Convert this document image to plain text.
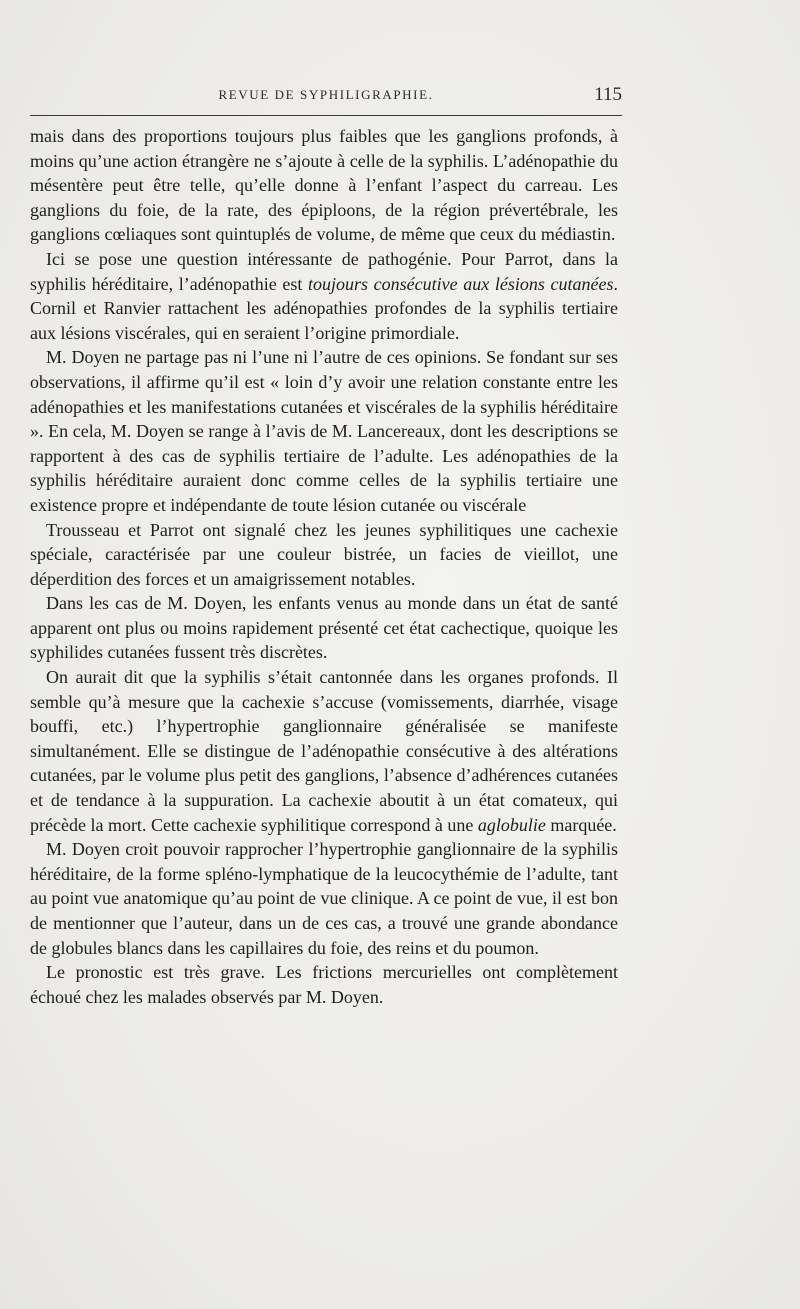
REVUE DE SYPHILIGRAPHIE.	115

mais dans des proportions toujours plus faibles que les ganglions profonds, à moins qu’une action étrangère ne s’ajoute à celle de la syphilis. L’adénopathie du mésentère peut être telle, qu’elle donne à l’enfant l’aspect du carreau. Les ganglions du foie, de la rate, des épiploons, de la région prévertébrale, les ganglions cœliaques sont quintuplés de volume, de même que ceux du médiastin.

Ici se pose une question intéressante de pathogénie. Pour Parrot, dans la syphilis héréditaire, l’adénopathie est toujours consécutive aux lésions cutanées. Cornil et Ranvier rattachent les adénopathies profondes de la syphilis tertiaire aux lésions viscérales, qui en seraient l’origine primordiale.

M. Doyen ne partage pas ni l’une ni l’autre de ces opinions. Se fondant sur ses observations, il affirme qu’il est « loin d’y avoir une relation constante entre les adénopathies et les manifestations cutanées et viscérales de la syphilis héréditaire ». En cela, M. Doyen se range à l’avis de M. Lancereaux, dont les descriptions se rapportent à des cas de syphilis tertiaire de l’adulte. Les adénopathies de la syphilis héréditaire auraient donc comme celles de la syphilis tertiaire une existence propre et indépendante de toute lésion cutanée ou viscérale

Trousseau et Parrot ont signalé chez les jeunes syphilitiques une cachexie spéciale, caractérisée par une couleur bistrée, un facies de vieillot, une déperdition des forces et un amaigrissement notables.

Dans les cas de M. Doyen, les enfants venus au monde dans un état de santé apparent ont plus ou moins rapidement présenté cet état cachectique, quoique les syphilides cutanées fussent très discrètes.

On aurait dit que la syphilis s’était cantonnée dans les organes profonds. Il semble qu’à mesure que la cachexie s’accuse (vomissements, diarrhée, visage bouffi, etc.) l’hypertrophie ganglionnaire généralisée se manifeste simultanément. Elle se distingue de l’adénopathie consécutive à des altérations cutanées, par le volume plus petit des ganglions, l’absence d’adhérences cutanées et de tendance à la suppuration. La cachexie aboutit à un état comateux, qui précède la mort. Cette cachexie syphilitique correspond à une aglobulie marquée.

M. Doyen croit pouvoir rapprocher l’hypertrophie ganglionnaire de la syphilis héréditaire, de la forme spléno-lymphatique de la leucocythémie de l’adulte, tant au point vue anatomique qu’au point de vue clinique. A ce point de vue, il est bon de mentionner que l’auteur, dans un de ces cas, a trouvé une grande abondance de globules blancs dans les capillaires du foie, des reins et du poumon.

Le pronostic est très grave. Les frictions mercurielles ont complètement échoué chez les malades observés par M. Doyen.
